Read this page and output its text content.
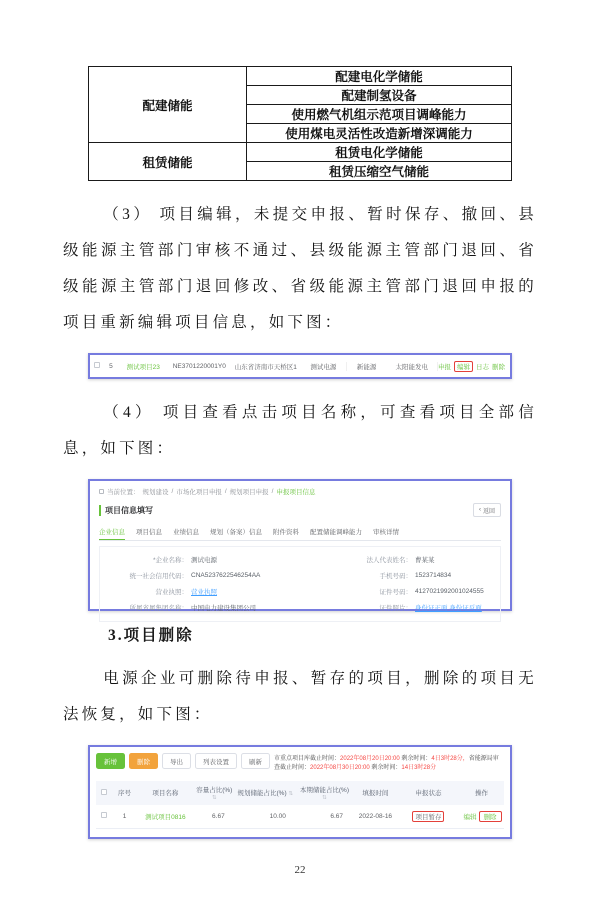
配建储能	配建电化学储能
	配建制氢设备
	使用燃气机组示范项目调峰能力
	使用煤电灵活性改造新增深调能力
租赁储能	租赁电化学储能
	租赁压缩空气储能

（3） 项目编辑，未提交申报、暂时保存、撤回、县级能源主管部门审核不通过、县级能源主管部门退回、省级能源主管部门退回修改、省级能源主管部门退回申报的项目重新编辑项目信息，如下图：

5	测试项目23	NE3701220001Y0	山东省济南市天桥区1	测试电源	新能源	太阳能发电	申报 编辑 日志 删除

（4） 项目查看点击项目名称，可查看项目全部信息，如下图：

当前位置： 规划建设 / 市场化项目申报 / 规划项目申报 / 申报项目信息
项目信息填写	‹ 返回
企业信息 项目信息 业绩信息 规划（备案）信息 附件资料 配置储能调峰能力 审核详情
*企业名称： 测试电源	法人代表姓名： 曹某某
统一社会信用代码： CNA5237622546254AA	手机号码： 1523714834
营业执照： 营业执照	证件号码： 4127021992001024555
所属省属集团名称： 中国电力建设集团公司	证件照片： 身份证正面 身份证反面
3.项目删除

电源企业可删除待申报、暂存的项目，删除的项目无法恢复，如下图：

新增	删除	导出	列表设置	刷新	市重点项目库截止时间：2022年08月20日20:00 剩余时间：4日3时28分，省能源局审查截止时间：2022年08月30日20:00 剩余时间：14日3时28分
	序号	项目名称	容量占比(%) ⇅	规划储能占比(%) ⇅	本期储能占比(%) ⇅	填报时间	申报状态	操作
	1	测试项目0816	6.67	10.00	6.67	2022-08-16	项目暂存	编辑 删除
22
